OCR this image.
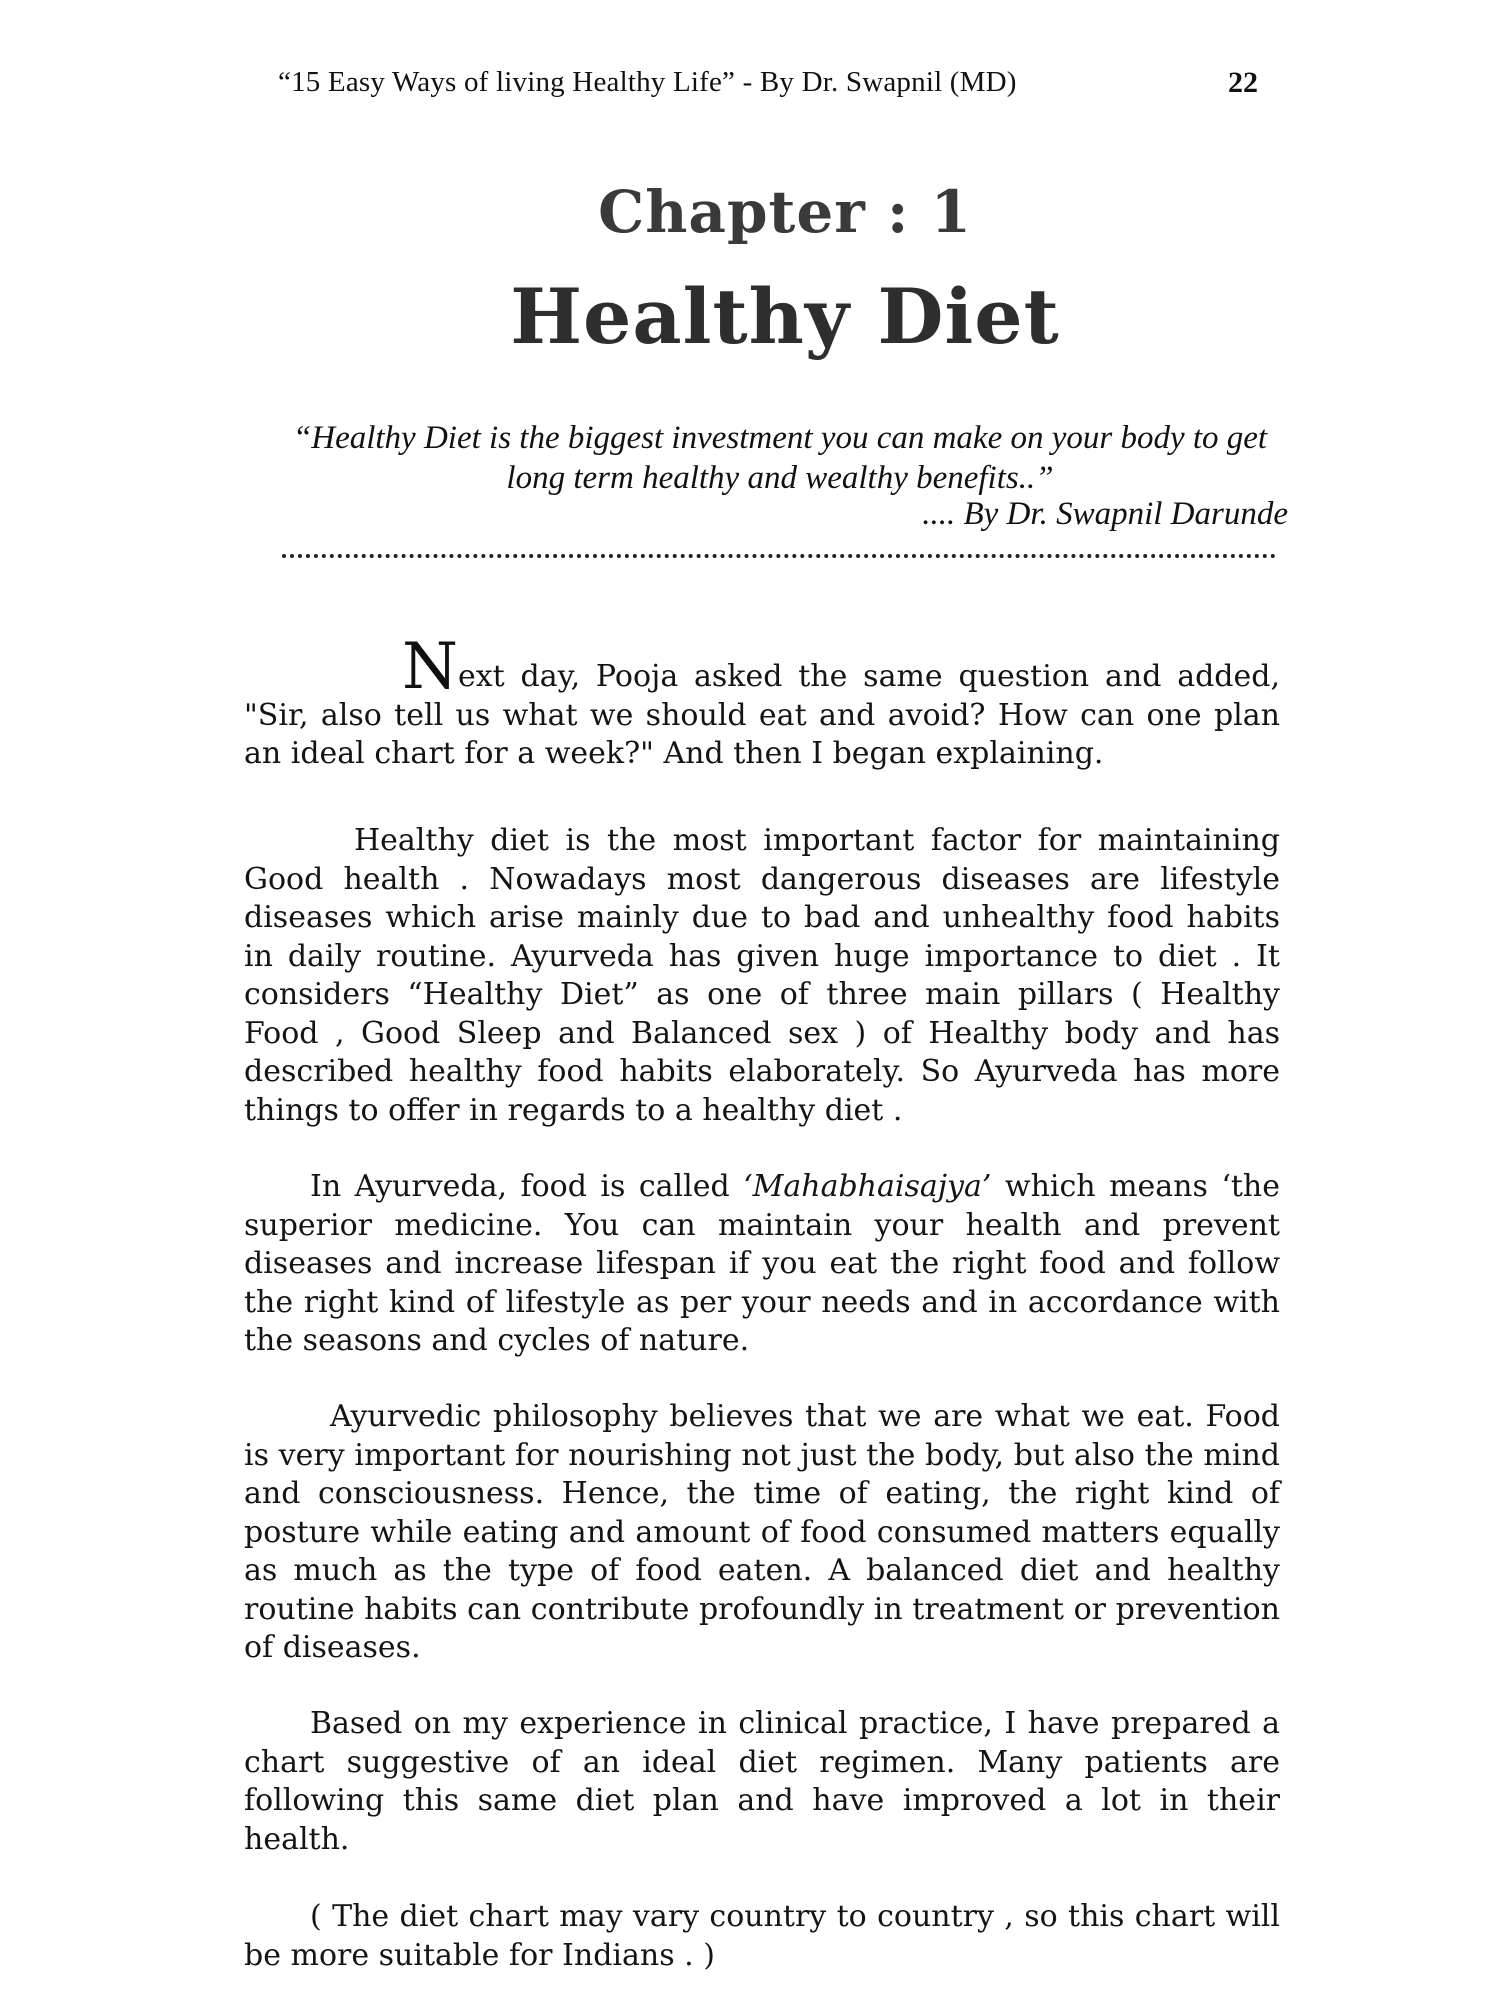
“15 Easy Ways of living Healthy Life” - By Dr. Swapnil (MD)	22
Chapter : 1
Healthy Diet
“Healthy Diet is the biggest investment you can make on your body to get long term healthy and wealthy benefits..”
.... By Dr. Swapnil Darunde

Next day, Pooja asked the same question and added, "Sir, also tell us what we should eat and avoid? How can one plan an ideal chart for a week?" And then I began explaining.

Healthy diet is the most important factor for maintaining Good health . Nowadays most dangerous diseases are lifestyle diseases which arise mainly due to bad and unhealthy food habits in daily routine. Ayurveda has given huge importance to diet . It considers “Healthy Diet” as one of three main pillars ( Healthy Food , Good Sleep and Balanced sex ) of Healthy body and has described healthy food habits elaborately. So Ayurveda has more things to offer in regards to a healthy diet .

In Ayurveda, food is called ‘Mahabhaisajya’ which means ‘the superior medicine. You can maintain your health and prevent diseases and increase lifespan if you eat the right food and follow the right kind of lifestyle as per your needs and in accordance with the seasons and cycles of nature.

Ayurvedic philosophy believes that we are what we eat. Food is very important for nourishing not just the body, but also the mind and consciousness. Hence, the time of eating, the right kind of posture while eating and amount of food consumed matters equally as much as the type of food eaten. A balanced diet and healthy routine habits can contribute profoundly in treatment or prevention of diseases.

Based on my experience in clinical practice, I have prepared a chart suggestive of an ideal diet regimen. Many patients are following this same diet plan and have improved a lot in their health.

( The diet chart may vary country to country , so this chart will be more suitable for Indians . )
